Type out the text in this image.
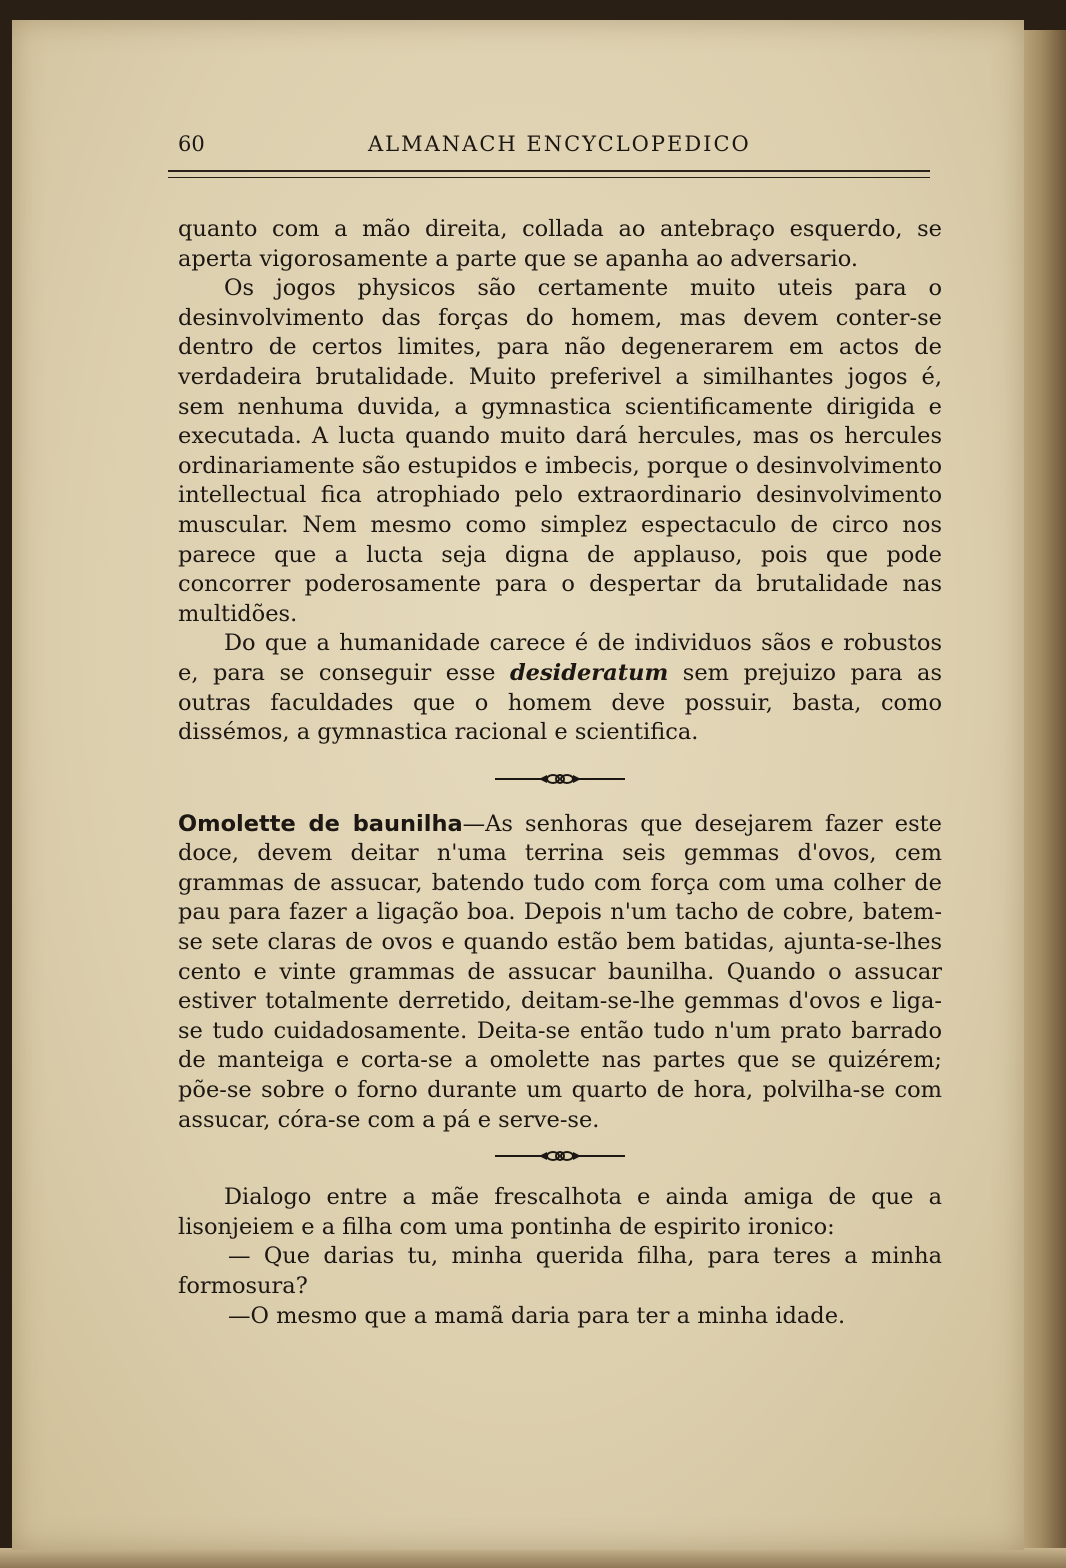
60	ALMANACH ENCYCLOPEDICO

quanto com a mão direita, collada ao antebraço esquerdo, se aperta vigorosamente a parte que se apanha ao adversario.

Os jogos physicos são certamente muito uteis para o desinvolvimento das forças do homem, mas devem conter-se dentro de certos limites, para não degenerarem em actos de verdadeira brutalidade. Muito preferivel a similhantes jogos é, sem nenhuma duvida, a gymnastica scientificamente dirigida e executada. A lucta quando muito dará hercules, mas os hercules ordinariamente são estupidos e imbecis, porque o desinvolvimento intellectual fica atrophiado pelo extraordinario desinvolvimento muscular. Nem mesmo como simplez espectaculo de circo nos parece que a lucta seja digna de applauso, pois que pode concorrer poderosamente para o despertar da brutalidade nas multidões.

Do que a humanidade carece é de individuos sãos e robustos e, para se conseguir esse desideratum sem prejuizo para as outras faculdades que o homem deve possuir, basta, como dissémos, a gymnastica racional e scientifica.

Omolette de baunilha—As senhoras que desejarem fazer este doce, devem deitar n'uma terrina seis gemmas d'ovos, cem grammas de assucar, batendo tudo com força com uma colher de pau para fazer a ligação boa. Depois n'um tacho de cobre, batem-se sete claras de ovos e quando estão bem batidas, ajunta-se-lhes cento e vinte grammas de assucar baunilha. Quando o assucar estiver totalmente derretido, deitam-se-lhe gemmas d'ovos e liga-se tudo cuidadosamente. Deita-se então tudo n'um prato barrado de manteiga e corta-se a omolette nas partes que se quizérem; põe-se sobre o forno durante um quarto de hora, polvilha-se com assucar, córa-se com a pá e serve-se.

Dialogo entre a mãe frescalhota e ainda amiga de que a lisonjeiem e a filha com uma pontinha de espirito ironico:

— Que darias tu, minha querida filha, para teres a minha formosura?

—O mesmo que a mamã daria para ter a minha idade.
